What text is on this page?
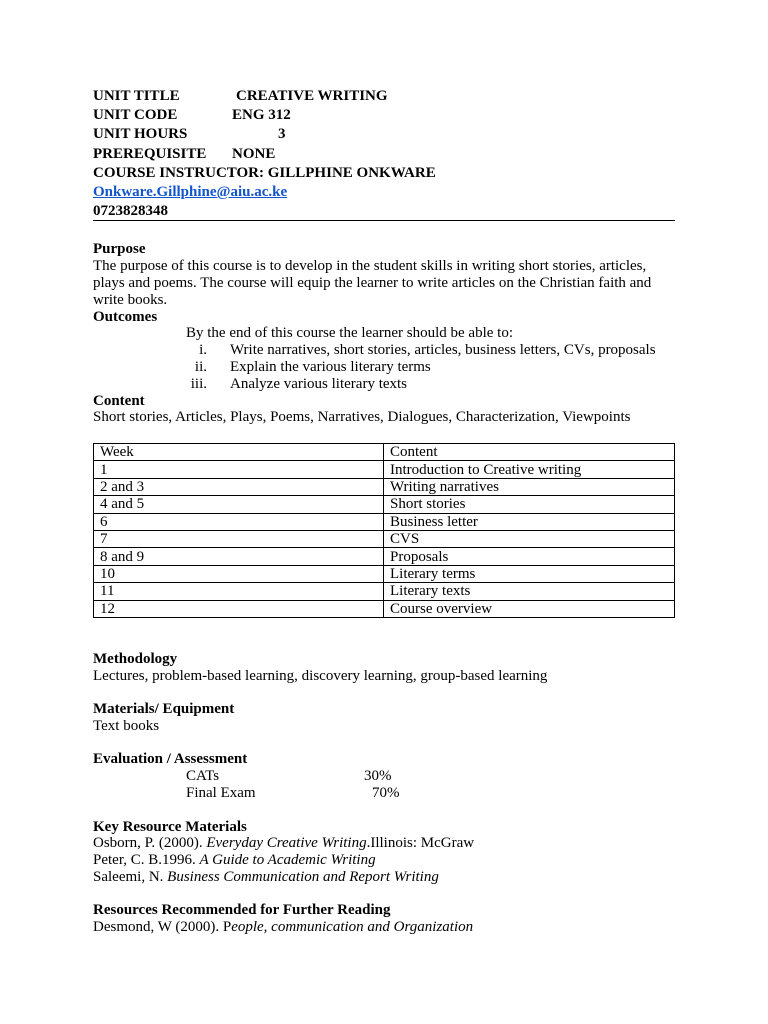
UNIT TITLE	CREATIVE WRITING
UNIT CODE	ENG 312
UNIT HOURS	3
PREREQUISITE NONE
COURSE INSTRUCTOR: GILLPHINE ONKWARE
Onkware.Gillphine@aiu.ac.ke
0723828348
Purpose
The purpose of this course is to develop in the student skills in writing short stories, articles, plays and poems. The course will equip the learner to write articles on the Christian faith and write books.
Outcomes
By the end of this course the learner should be able to:
i. Write narratives, short stories, articles, business letters, CVs, proposals
ii. Explain the various literary terms
iii. Analyze various literary texts
Content
Short stories, Articles, Plays, Poems, Narratives, Dialogues, Characterization, Viewpoints
Week	Content
1	Introduction to Creative writing
2 and 3	Writing narratives
4 and 5	Short stories
6	Business letter
7	CVS
8 and 9	Proposals
10	Literary terms
11	Literary texts
12	Course overview
Methodology
Lectures, problem-based learning, discovery learning, group-based learning
Materials/ Equipment
Text books
Evaluation / Assessment
CATs	30%
Final Exam	70%
Key Resource Materials
Osborn, P. (2000). Everyday Creative Writing.Illinois: McGraw
Peter, C. B.1996. A Guide to Academic Writing
Saleemi, N. Business Communication and Report Writing
Resources Recommended for Further Reading
Desmond, W (2000). People, communication and Organization
